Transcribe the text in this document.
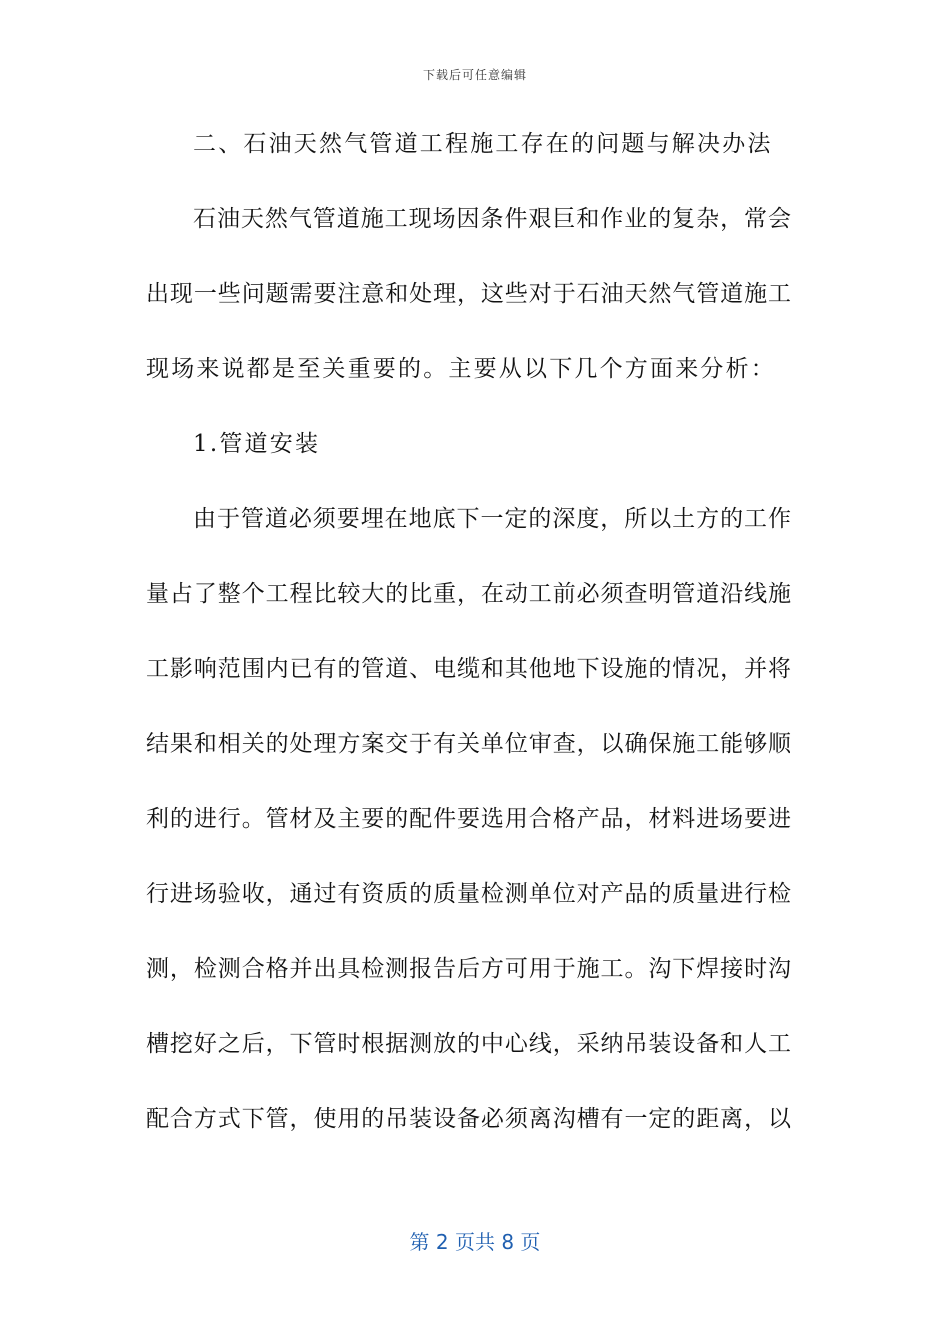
下载后可任意编辑
二、石油天然气管道工程施工存在的问题与解决办法
石油天然气管道施工现场因条件艰巨和作业的复杂，常会
出现一些问题需要注意和处理，这些对于石油天然气管道施工
现场来说都是至关重要的。主要从以下几个方面来分析：
1.管道安装
由于管道必须要埋在地底下一定的深度，所以土方的工作
量占了整个工程比较大的比重，在动工前必须查明管道沿线施
工影响范围内已有的管道、电缆和其他地下设施的情况，并将
结果和相关的处理方案交于有关单位审查，以确保施工能够顺
利的进行。管材及主要的配件要选用合格产品，材料进场要进
行进场验收，通过有资质的质量检测单位对产品的质量进行检
测，检测合格并出具检测报告后方可用于施工。沟下焊接时沟
槽挖好之后，下管时根据测放的中心线，采纳吊装设备和人工
配合方式下管，使用的吊装设备必须离沟槽有一定的距离，以
第 2 页共 8 页
